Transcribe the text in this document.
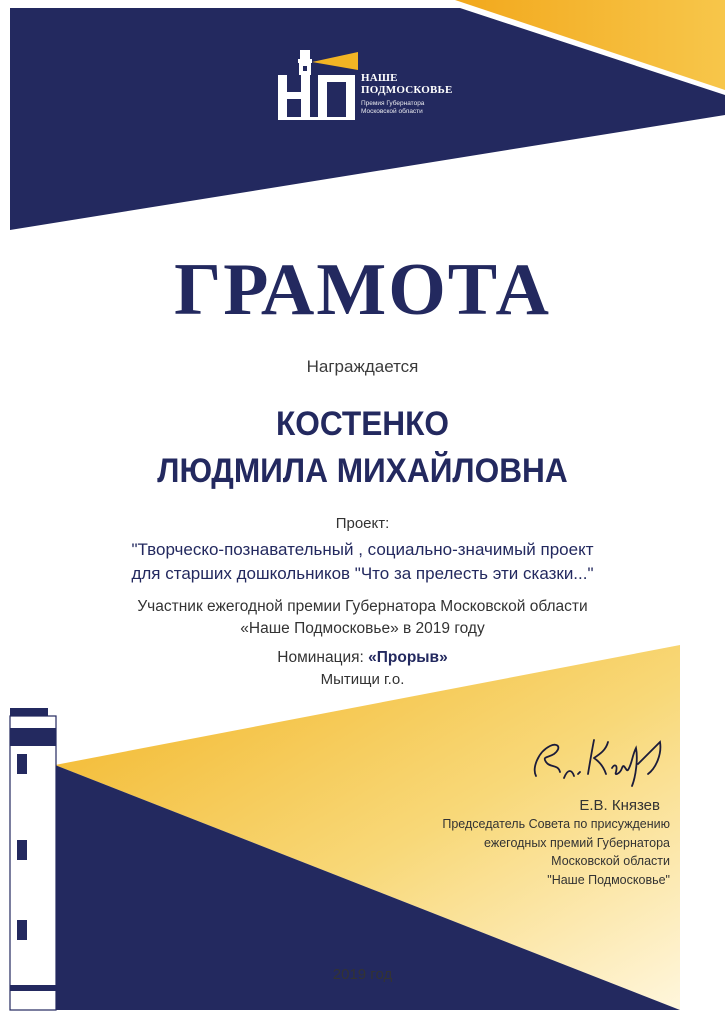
НАШЕ
ПОДМОСКОВЬЕ
Премия Губернатора
Московской области
ГРАМОТА
Награждается
КОСТЕНКО
ЛЮДМИЛА МИХАЙЛОВНА
Проект:
"Творческо-познавательный , социально-значимый проект
для старших дошкольников "Что за прелесть эти сказки..."
Участник ежегодной премии Губернатора Московской области
«Наше Подмосковье» в 2019 году
Номинация: «Прорыв»
Мытищи г.о.
Е.В. Князев
Председатель Совета по присуждению
ежегодных премий Губернатора
Московской области
"Наше Подмосковье"
2019 год
